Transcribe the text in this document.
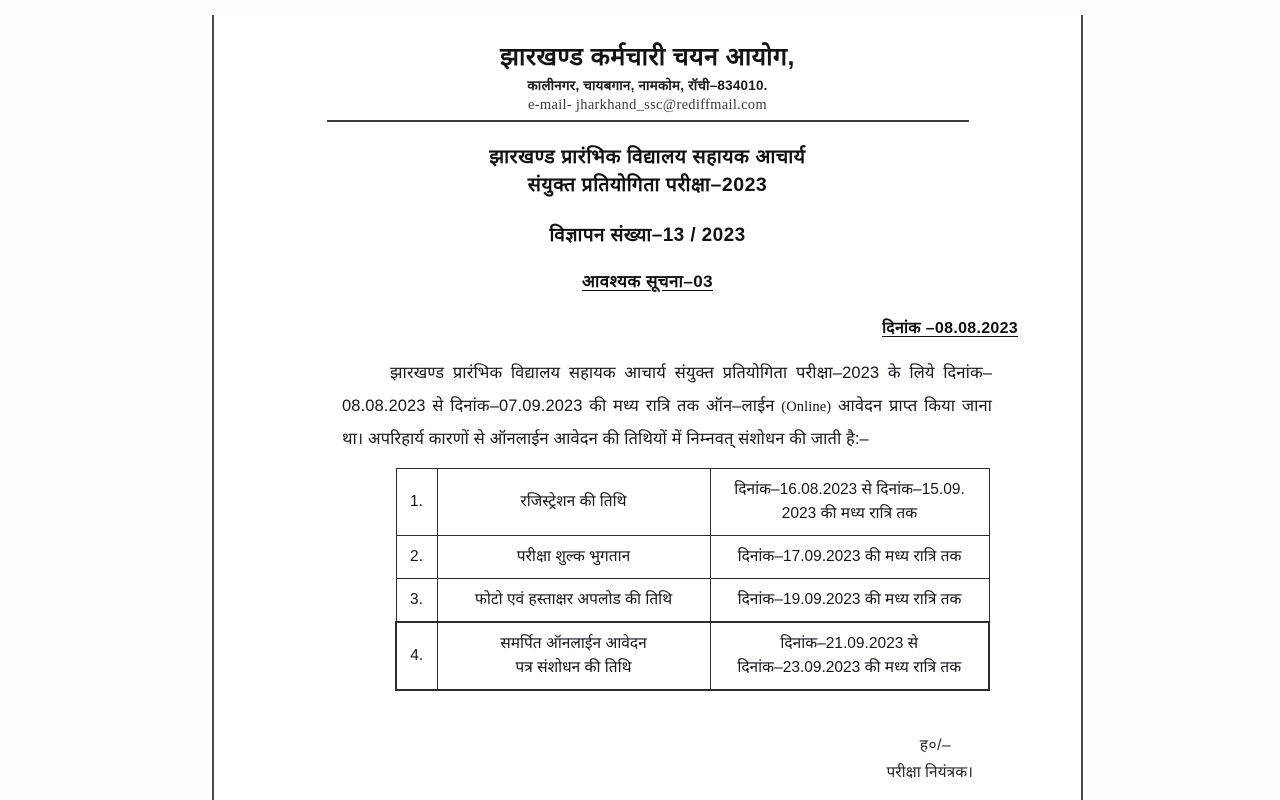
झारखण्ड कर्मचारी चयन आयोग,
कालीनगर, चायबगान, नामकोम, रॉची–834010.
e-mail- jharkhand_ssc@rediffmail.com
झारखण्ड प्रारंभिक विद्यालय सहायक आचार्य
संयुक्त प्रतियोगिता परीक्षा–2023
विज्ञापन संख्या–13 / 2023
आवश्यक सूचना–03
दिनांक –08.08.2023
झारखण्ड प्रारंभिक विद्यालय सहायक आचार्य संयुक्त प्रतियोगिता परीक्षा–2023 के लिये दिनांक–08.08.2023 से दिनांक–07.09.2023 की मध्य रात्रि तक ऑन–लाईन (Online) आवेदन प्राप्त किया जाना था। अपरिहार्य कारणों से ऑनलाईन आवेदन की तिथियों में निम्नवत् संशोधन की जाती है:–
1.	रजिस्ट्रेशन की तिथि	दिनांक–16.08.2023 से दिनांक–15.09.
2023 की मध्य रात्रि तक

2.	परीक्षा शुल्क भुगतान	दिनांक–17.09.2023 की मध्य रात्रि तक
3.	फोटो एवं हस्ताक्षर अपलोड की तिथि	दिनांक–19.09.2023 की मध्य रात्रि तक
4.	समर्पित ऑनलाईन आवेदन
पत्र संशोधन की तिथि	दिनांक–21.09.2023 से
दिनांक–23.09.2023 की मध्य रात्रि तक
ह०/–
परीक्षा नियंत्रक।
